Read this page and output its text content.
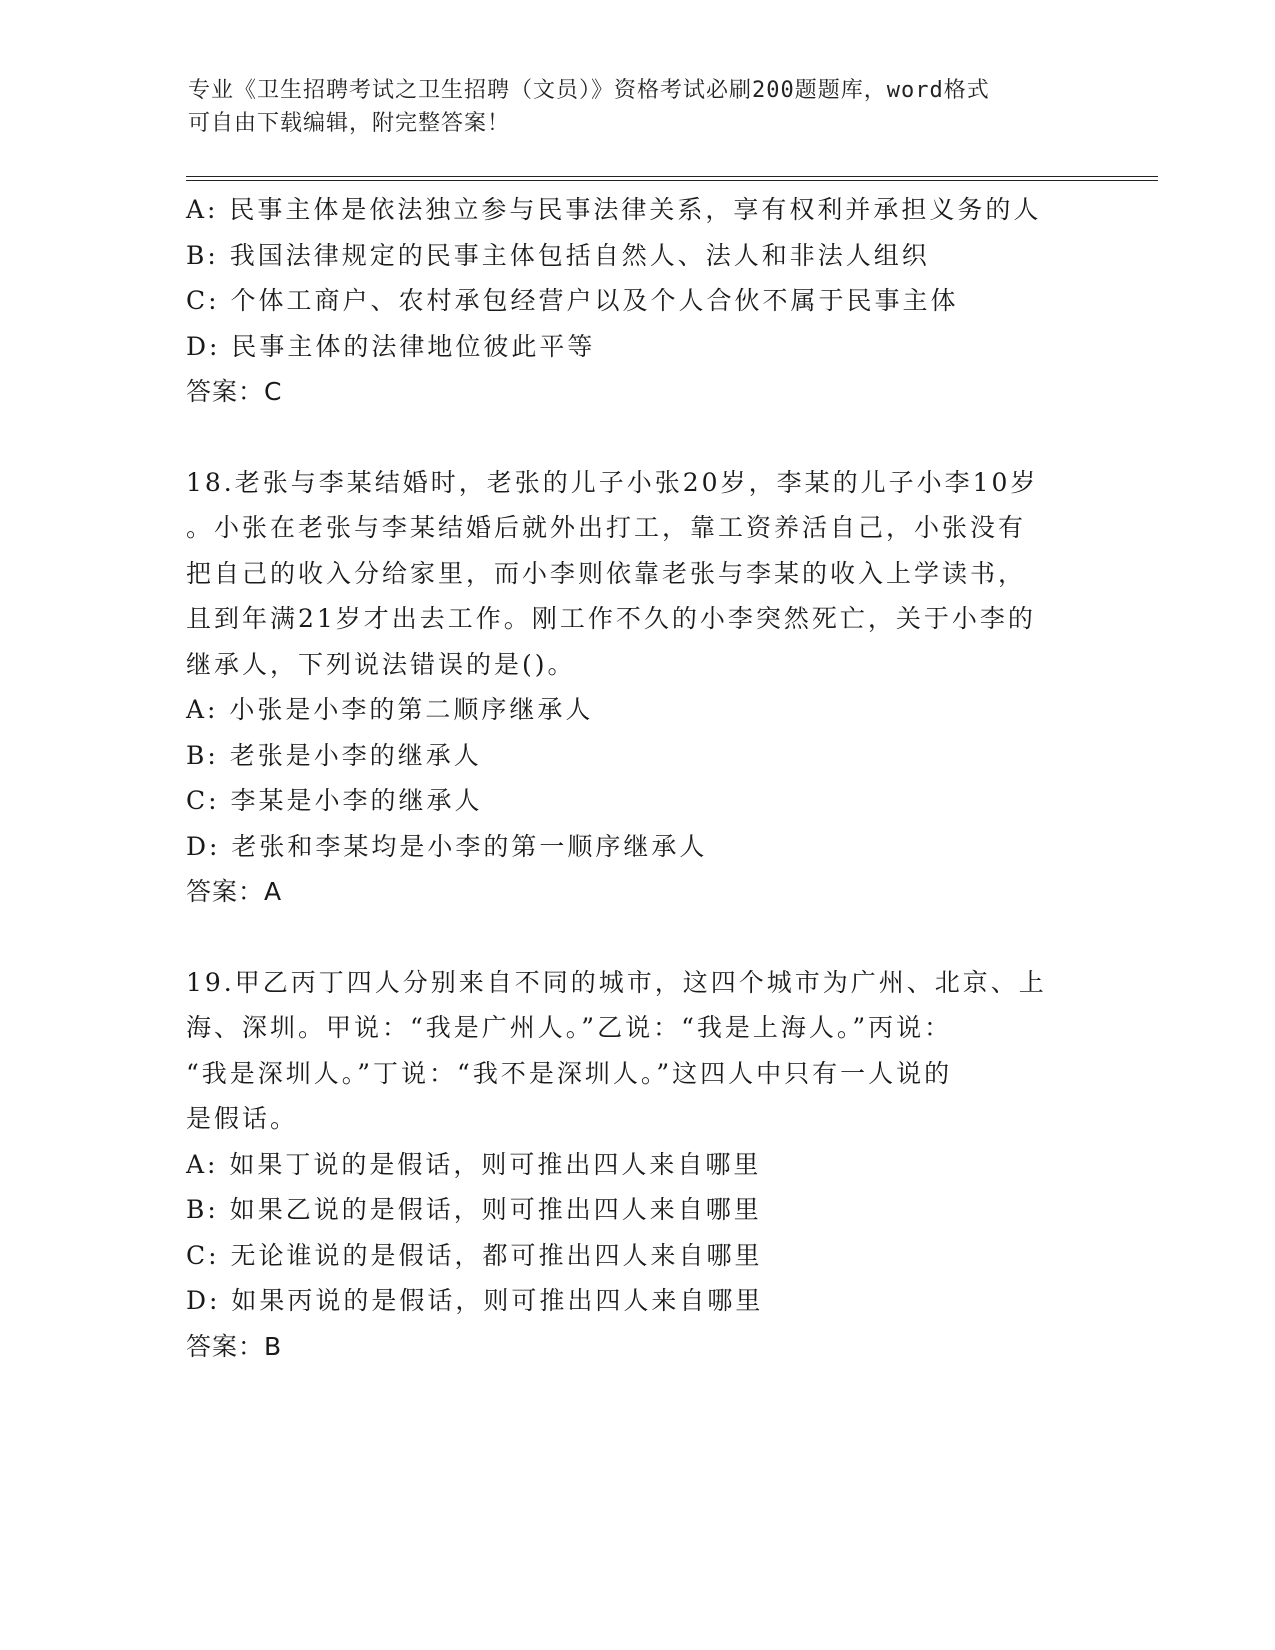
专业《卫生招聘考试之卫生招聘（文员）》资格考试必刷200题题库，word格式
可自由下载编辑，附完整答案！
A: 民事主体是依法独立参与民事法律关系，享有权利并承担义务的人
B: 我国法律规定的民事主体包括自然人、法人和非法人组织
C: 个体工商户、农村承包经营户以及个人合伙不属于民事主体
D: 民事主体的法律地位彼此平等
答案：C
18.老张与李某结婚时，老张的儿子小张20岁，李某的儿子小李10岁
。小张在老张与李某结婚后就外出打工，靠工资养活自己，小张没有
把自己的收入分给家里，而小李则依靠老张与李某的收入上学读书，
且到年满21岁才出去工作。刚工作不久的小李突然死亡，关于小李的
继承人，下列说法错误的是()。
A: 小张是小李的第二顺序继承人
B: 老张是小李的继承人
C: 李某是小李的继承人
D: 老张和李某均是小李的第一顺序继承人
答案：A
19.甲乙丙丁四人分别来自不同的城市，这四个城市为广州、北京、上
海、深圳。甲说：“我是广州人。”乙说：“我是上海人。”丙说：
“我是深圳人。”丁说：“我不是深圳人。”这四人中只有一人说的
是假话。
A: 如果丁说的是假话，则可推出四人来自哪里
B: 如果乙说的是假话，则可推出四人来自哪里
C: 无论谁说的是假话，都可推出四人来自哪里
D: 如果丙说的是假话，则可推出四人来自哪里
答案：B
